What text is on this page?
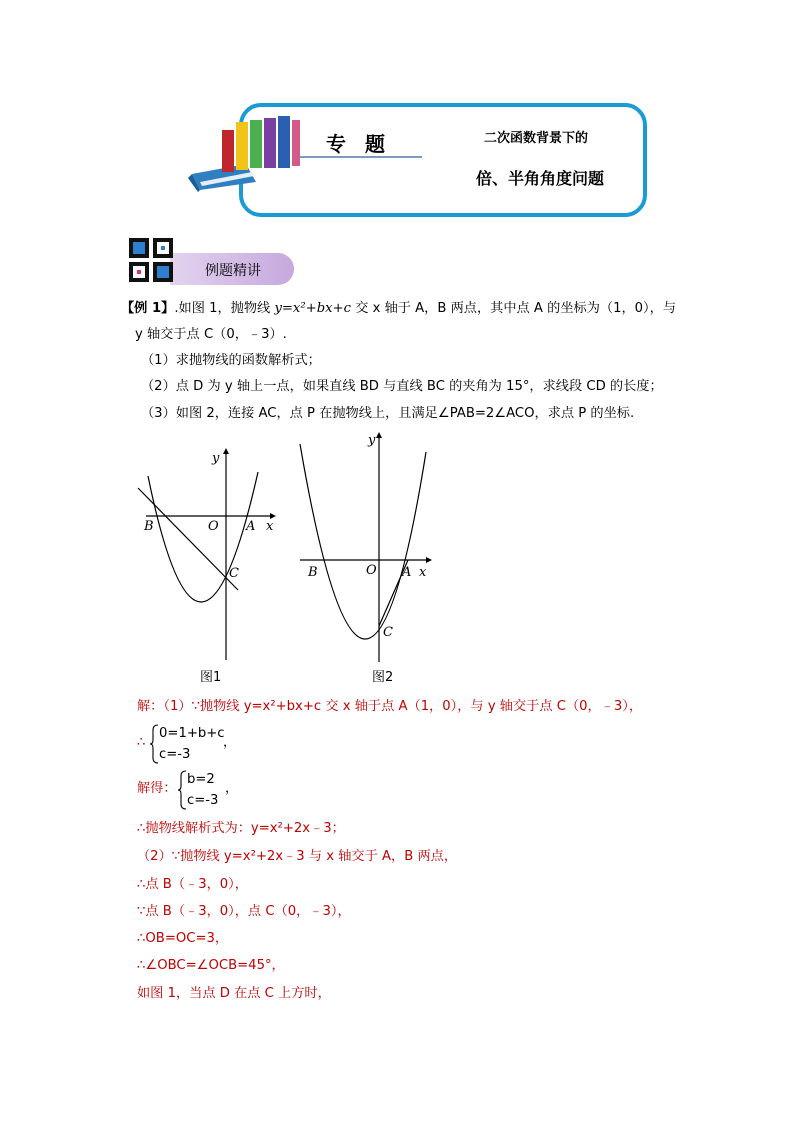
专 题	二次函数背景下的
倍、半角角度问题
例题精讲
【例 1】.如图 1，抛物线 y=x²+bx+c 交 x 轴于 A，B 两点，其中点 A 的坐标为（1，0），与
y 轴交于点 C（0，﹣3）.
（1）求抛物线的函数解析式；
（2）点 D 为 y 轴上一点，如果直线 BD 与直线 BC 的夹角为 15°，求线段 CD 的长度；
（3）如图 2，连接 AC，点 P 在抛物线上，且满足∠PAB=2∠ACO，求点 P 的坐标.
y
x
O A
B
C
图1
y
x
O A
B
C
图2
解：（1）∵抛物线 y=x²+bx+c 交 x 轴于点 A（1，0），与 y 轴交于点 C（0，﹣3），
∴
0=1+b+c
c=-3
，
解得：
b=2
c=-3
，
∴抛物线解析式为：y=x²+2x﹣3；
（2）∵抛物线 y=x²+2x﹣3 与 x 轴交于 A，B 两点，
∴点 B（﹣3，0），
∵点 B（﹣3，0），点 C（0，﹣3），
∴OB=OC=3，
∴∠OBC=∠OCB=45°，
如图 1，当点 D 在点 C 上方时，
